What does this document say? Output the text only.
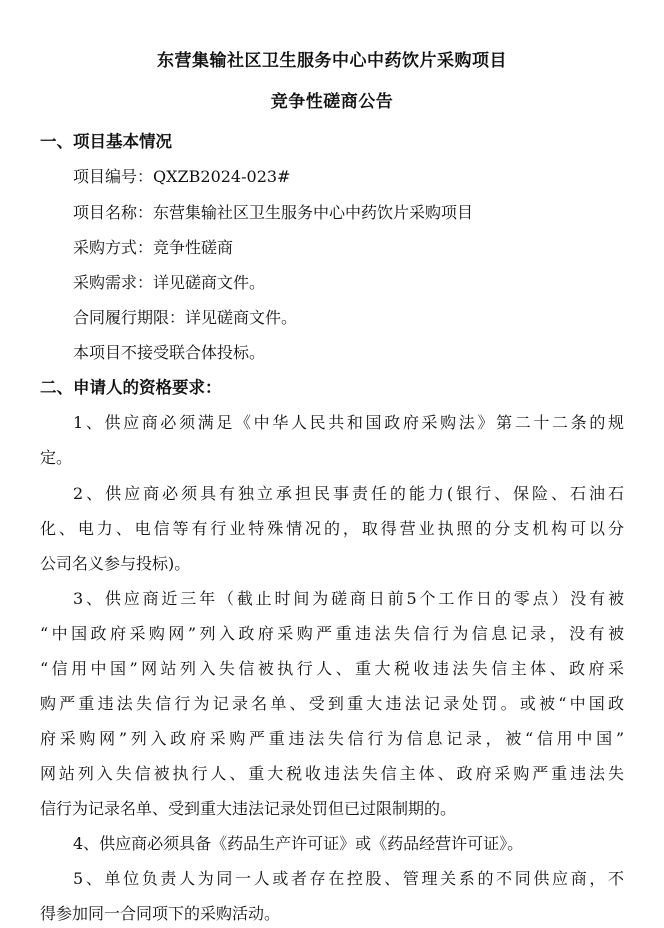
东营集输社区卫生服务中心中药饮片采购项目
竞争性磋商公告

一、项目基本情况

项目编号：QXZB2024-023#

项目名称：东营集输社区卫生服务中心中药饮片采购项目

采购方式：竞争性磋商

采购需求：详见磋商文件。

合同履行期限：详见磋商文件。

本项目不接受联合体投标。

二、申请人的资格要求：

1、供应商必须满足《中华人民共和国政府采购法》第二十二条的规

定。

2、供应商必须具有独立承担民事责任的能力(银行、保险、石油石

化、电力、电信等有行业特殊情况的，取得营业执照的分支机构可以分

公司名义参与投标)。

3、供应商近三年（截止时间为磋商日前5个工作日的零点）没有被

“中国政府采购网”列入政府采购严重违法失信行为信息记录，没有被

“信用中国”网站列入失信被执行人、重大税收违法失信主体、政府采

购严重违法失信行为记录名单、受到重大违法记录处罚。或被“中国政

府采购网”列入政府采购严重违法失信行为信息记录，被“信用中国”

网站列入失信被执行人、重大税收违法失信主体、政府采购严重违法失

信行为记录名单、受到重大违法记录处罚但已过限制期的。

4、供应商必须具备《药品生产许可证》或《药品经营许可证》。

5、单位负责人为同一人或者存在控股、管理关系的不同供应商，不

得参加同一合同项下的采购活动。
